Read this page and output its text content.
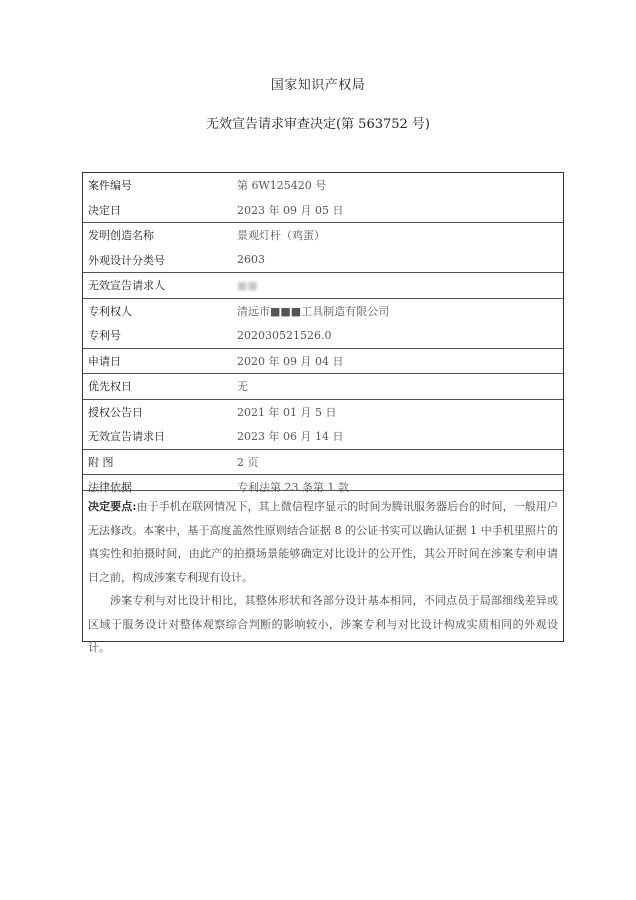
国家知识产权局
无效宣告请求审查决定(第 563752 号)
案件编号	第 6W125420 号
决定日	2023 年 09 月 05 日
发明创造名称	景观灯杆（鸡蛋）
外观设计分类号	2603
无效宣告请求人	■■
专利权人	清远市■■■工具制造有限公司
专利号	202030521526.0
申请日	2020 年 09 月 04 日
优先权日	无
授权公告日	2021 年 01 月 5 日
无效宣告请求日	2023 年 06 月 14 日
附 图	2 页
法律依据	专利法第 23 条第 1 款

决定要点:由于手机在联网情况下，其上微信程序显示的时间为腾讯服务器后台的时间，一般用户无法修改。本案中，基于高度盖然性原则结合证据 8 的公证书实可以确认证据 1 中手机里照片的真实性和拍摄时间，由此产的拍摄场景能够确定对比设计的公开性，其公开时间在涉案专利申请日之前，构成涉案专利现有设计。

涉案专利与对比设计相比，其整体形状和各部分设计基本相同，不同点员于局部细线差异或区域于服务设计对整体观察综合判断的影响较小，涉案专利与对比设计构成实质相同的外观设计。
